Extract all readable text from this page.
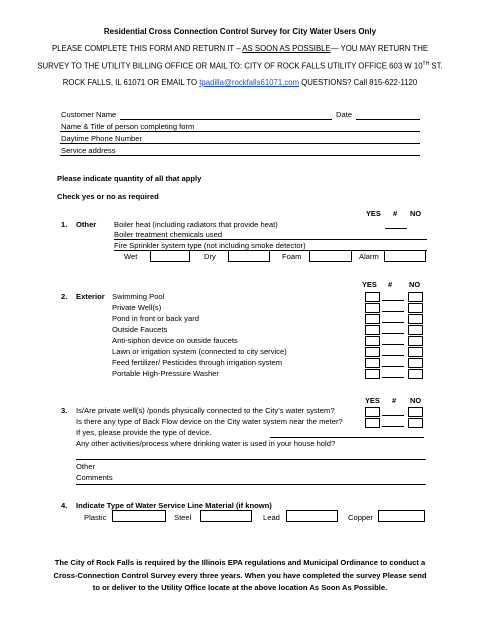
Residential Cross Connection Control Survey for City Water Users Only
PLEASE COMPLETE THIS FORM AND RETURN IT – AS SOON AS POSSIBLE— YOU MAY RETURN THE
SURVEY TO THE UTILITY BILLING OFFICE OR MAIL TO: CITY OF ROCK FALLS UTILITY OFFICE 603 W 10TH ST.
ROCK FALLS, IL 61071 OR EMAIL TO tpadilla@rockfalls61071.com QUESTIONS? Call 815-622-1120
Customer Name	Date
Name & Title of person completing form
Daytime Phone Number
Service address
Please indicate quantity of all that apply
Check yes or no as required
YES # NO
1. Other Boiler heat (including radiators that provide heat)
Boiler treatment chemicals used
Fire Sprinkler system type (not including smoke detector)
Wet	Dry	Foam	Alarm
YES # NO
2. Exterior Swimming Pool
Private Well(s)
Pond in front or back yard
Outside Faucets
Anti-siphon device on outside faucets
Lawn or irrigation system (connected to city service)
Feed fertilizer/ Pesticides through irrigation system
Portable High-Pressure Washer
YES # NO
3. Is/Are private well(s) /ponds physically connected to the City’s water system?
Is there any type of Back Flow device on the City water system near the meter?
If yes, please provide the type of device.
Any other activities/process where drinking water is used in your house hold?
Other
Comments
4. Indicate Type of Water Service Line Material (if known)
Plastic	Steel	Lead	Copper
The City of Rock Falls is required by the Illinois EPA regulations and Municipal Ordinance to conduct a
Cross-Connection Control Survey every three years. When you have completed the survey Please send
to or deliver to the Utility Office locate at the above location As Soon As Possible.
